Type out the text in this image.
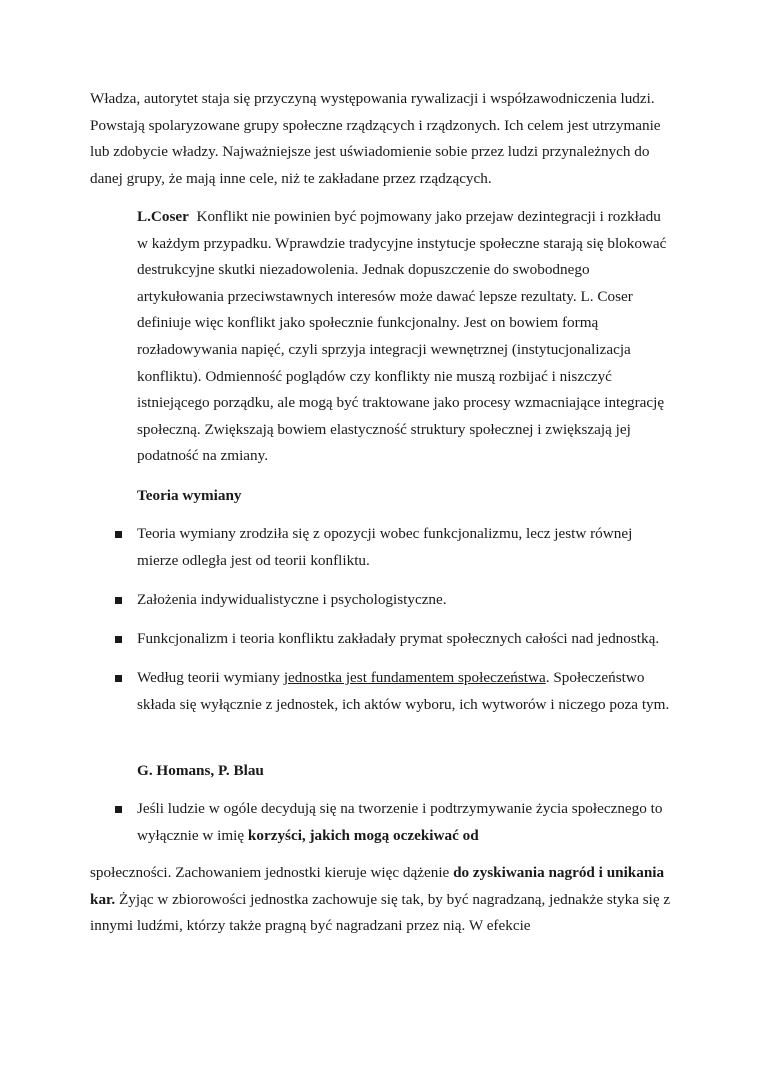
Władza, autorytet staja się przyczyną występowania rywalizacji i współzawodniczenia ludzi. Powstają spolaryzowane grupy społeczne rządzących i rządzonych. Ich celem jest utrzymanie lub zdobycie władzy. Najważniejsze jest uświadomienie sobie przez ludzi przynależnych do danej grupy, że mają inne cele, niż te zakładane przez rządzących.

L.Coser Konflikt nie powinien być pojmowany jako przejaw dezintegracji i rozkładu w każdym przypadku. Wprawdzie tradycyjne instytucje społeczne starają się blokować destrukcyjne skutki niezadowolenia. Jednak dopuszczenie do swobodnego artykułowania przeciwstawnych interesów może dawać lepsze rezultaty. L. Coser definiuje więc konflikt jako społecznie funkcjonalny. Jest on bowiem formą rozładowywania napięć, czyli sprzyja integracji wewnętrznej (instytucjonalizacja konfliktu). Odmienność poglądów czy konflikty nie muszą rozbijać i niszczyć istniejącego porządku, ale mogą być traktowane jako procesy wzmacniające integrację społeczną. Zwiększają bowiem elastyczność struktury społecznej i zwiększają jej podatność na zmiany.

Teoria wymiany

Teoria wymiany zrodziła się z opozycji wobec funkcjonalizmu, lecz jestw równej mierze odległa jest od teorii konfliktu.
Założenia indywidualistyczne i psychologistyczne.
Funkcjonalizm i teoria konfliktu zakładały prymat społecznych całości nad jednostką.
Według teorii wymiany jednostka jest fundamentem społeczeństwa. Społeczeństwo składa się wyłącznie z jednostek, ich aktów wyboru, ich wytworów i niczego poza tym.

G. Homans, P. Blau

Jeśli ludzie w ogóle decydują się na tworzenie i podtrzymywanie życia społecznego to wyłącznie w imię korzyści, jakich mogą oczekiwać od

społeczności. Zachowaniem jednostki kieruje więc dążenie do zyskiwania nagród i unikania kar. Żyjąc w zbiorowości jednostka zachowuje się tak, by być nagradzaną, jednakże styka się z innymi ludźmi, którzy także pragną być nagradzani przez nią. W efekcie
